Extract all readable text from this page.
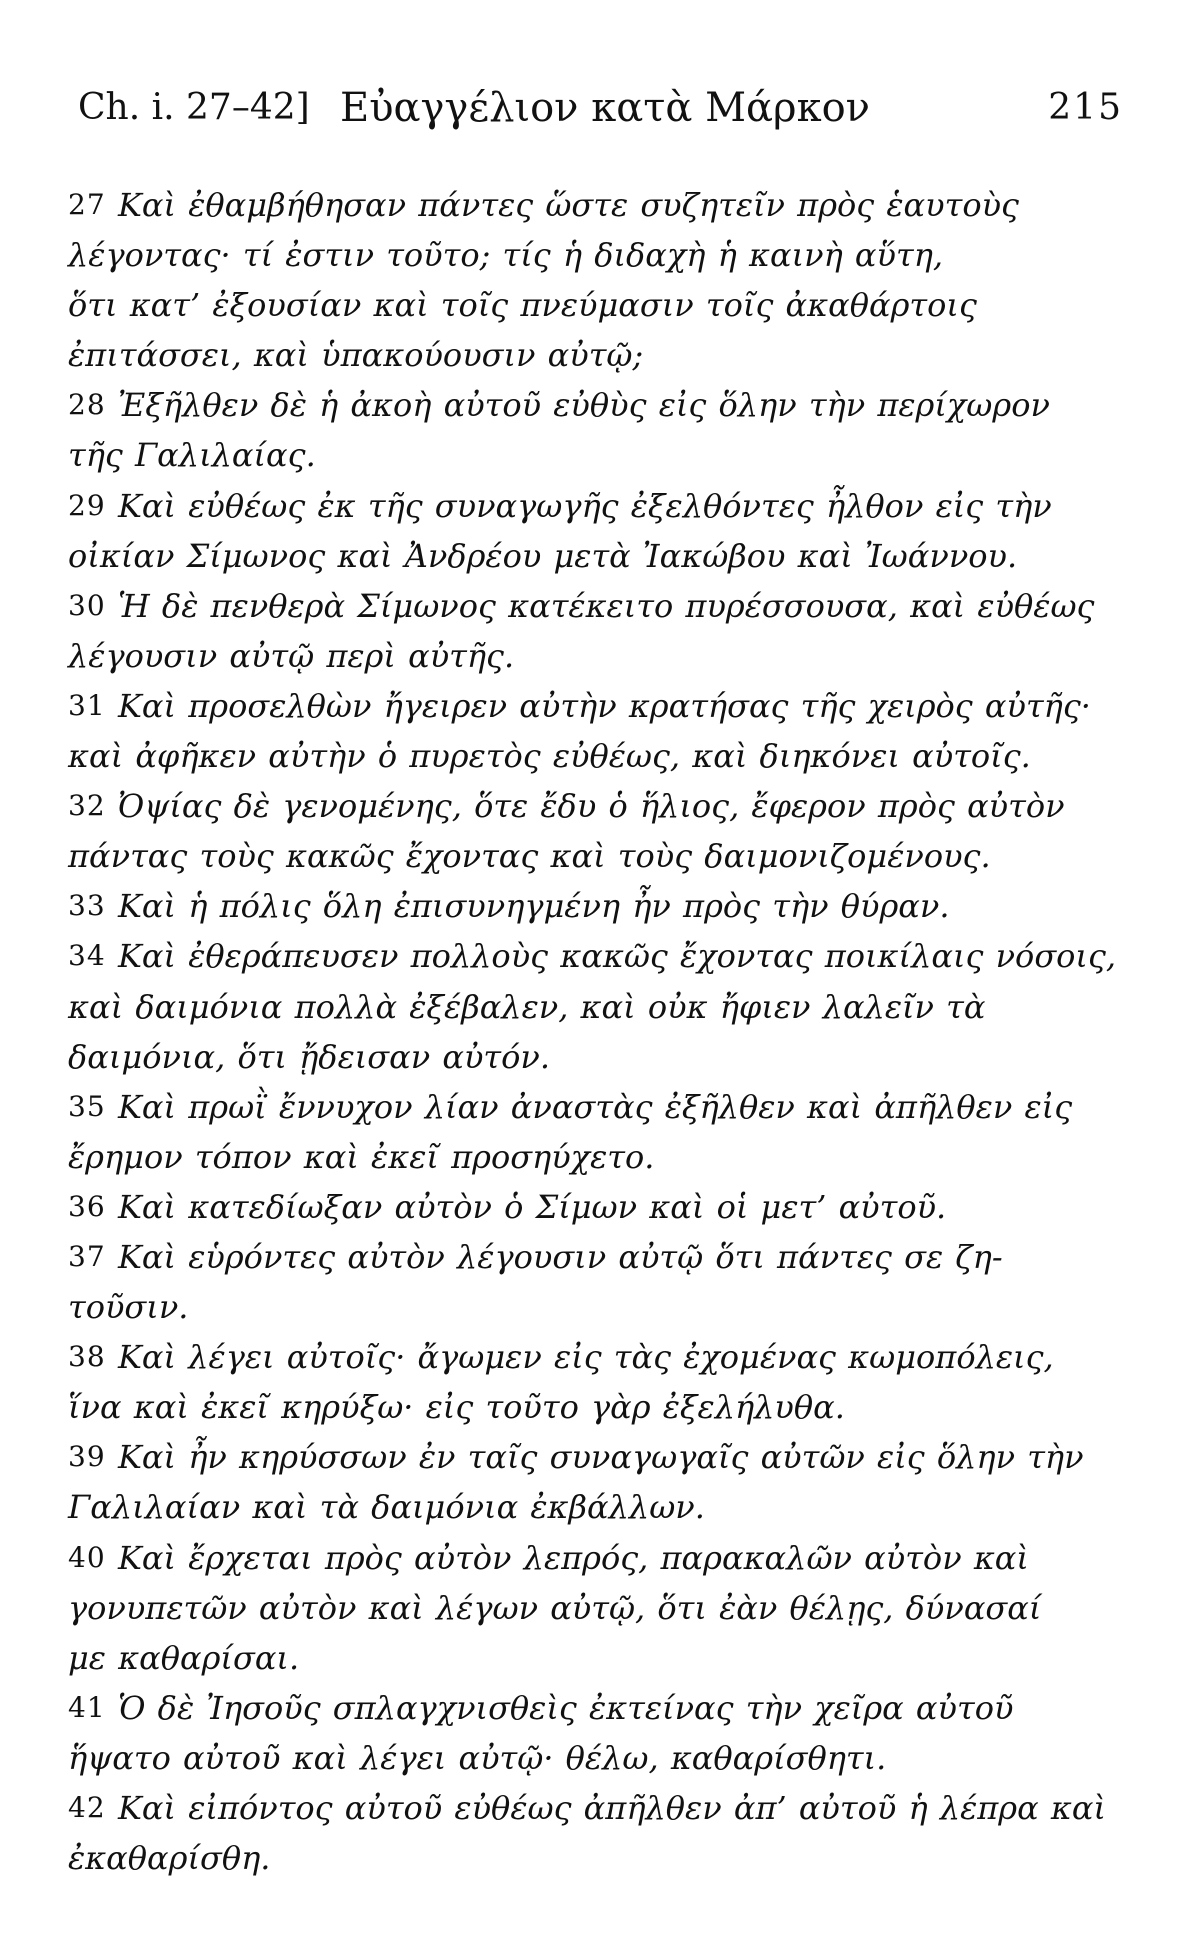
Ch. i. 27–42] Εὐαγγέλιον κατὰ Μάρκον	215
27 Καὶ ἐθαμβήθησαν πάντες ὥστε συζητεῖν πρὸς ἑαυτοὺς
λέγοντας· τί ἐστιν τοῦτο; τίς ἡ διδαχὴ ἡ καινὴ αὕτη,
ὅτι κατ’ ἐξουσίαν καὶ τοῖς πνεύμασιν τοῖς ἀκαθάρτοις
ἐπιτάσσει, καὶ ὑπακούουσιν αὐτῷ;
28 Ἐξῆλθεν δὲ ἡ ἀκοὴ αὐτοῦ εὐθὺς εἰς ὅλην τὴν περίχωρον
τῆς Γαλιλαίας.
29 Καὶ εὐθέως ἐκ τῆς συναγωγῆς ἐξελθόντες ἦλθον εἰς τὴν
οἰκίαν Σίμωνος καὶ Ἀνδρέου μετὰ Ἰακώβου καὶ Ἰωάννου.
30 Ἡ δὲ πενθερὰ Σίμωνος κατέκειτο πυρέσσουσα, καὶ εὐθέως
λέγουσιν αὐτῷ περὶ αὐτῆς.
31 Καὶ προσελθὼν ἤγειρεν αὐτὴν κρατήσας τῆς χειρὸς αὐτῆς·
καὶ ἀφῆκεν αὐτὴν ὁ πυρετὸς εὐθέως, καὶ διηκόνει αὐτοῖς.
32 Ὀψίας δὲ γενομένης, ὅτε ἔδυ ὁ ἥλιος, ἔφερον πρὸς αὐτὸν
πάντας τοὺς κακῶς ἔχοντας καὶ τοὺς δαιμονιζομένους.
33 Καὶ ἡ πόλις ὅλη ἐπισυνηγμένη ἦν πρὸς τὴν θύραν.
34 Καὶ ἐθεράπευσεν πολλοὺς κακῶς ἔχοντας ποικίλαις νόσοις,
καὶ δαιμόνια πολλὰ ἐξέβαλεν, καὶ οὐκ ἤφιεν λαλεῖν τὰ
δαιμόνια, ὅτι ᾔδεισαν αὐτόν.
35 Καὶ πρωῒ ἔννυχον λίαν ἀναστὰς ἐξῆλθεν καὶ ἀπῆλθεν εἰς
ἔρημον τόπον καὶ ἐκεῖ προσηύχετο.
36 Καὶ κατεδίωξαν αὐτὸν ὁ Σίμων καὶ οἱ μετ’ αὐτοῦ.
37 Καὶ εὑρόντες αὐτὸν λέγουσιν αὐτῷ ὅτι πάντες σε ζη-
τοῦσιν.
38 Καὶ λέγει αὐτοῖς· ἄγωμεν εἰς τὰς ἐχομένας κωμοπόλεις,
ἵνα καὶ ἐκεῖ κηρύξω· εἰς τοῦτο γὰρ ἐξελήλυθα.
39 Καὶ ἦν κηρύσσων ἐν ταῖς συναγωγαῖς αὐτῶν εἰς ὅλην τὴν
Γαλιλαίαν καὶ τὰ δαιμόνια ἐκβάλλων.
40 Καὶ ἔρχεται πρὸς αὐτὸν λεπρός, παρακαλῶν αὐτὸν καὶ
γονυπετῶν αὐτὸν καὶ λέγων αὐτῷ, ὅτι ἐὰν θέλῃς, δύνασαί
με καθαρίσαι.
41 Ὁ δὲ Ἰησοῦς σπλαγχνισθεὶς ἐκτείνας τὴν χεῖρα αὐτοῦ
ἥψατο αὐτοῦ καὶ λέγει αὐτῷ· θέλω, καθαρίσθητι.
42 Καὶ εἰπόντος αὐτοῦ εὐθέως ἀπῆλθεν ἀπ’ αὐτοῦ ἡ λέπρα καὶ
ἐκαθαρίσθη.
